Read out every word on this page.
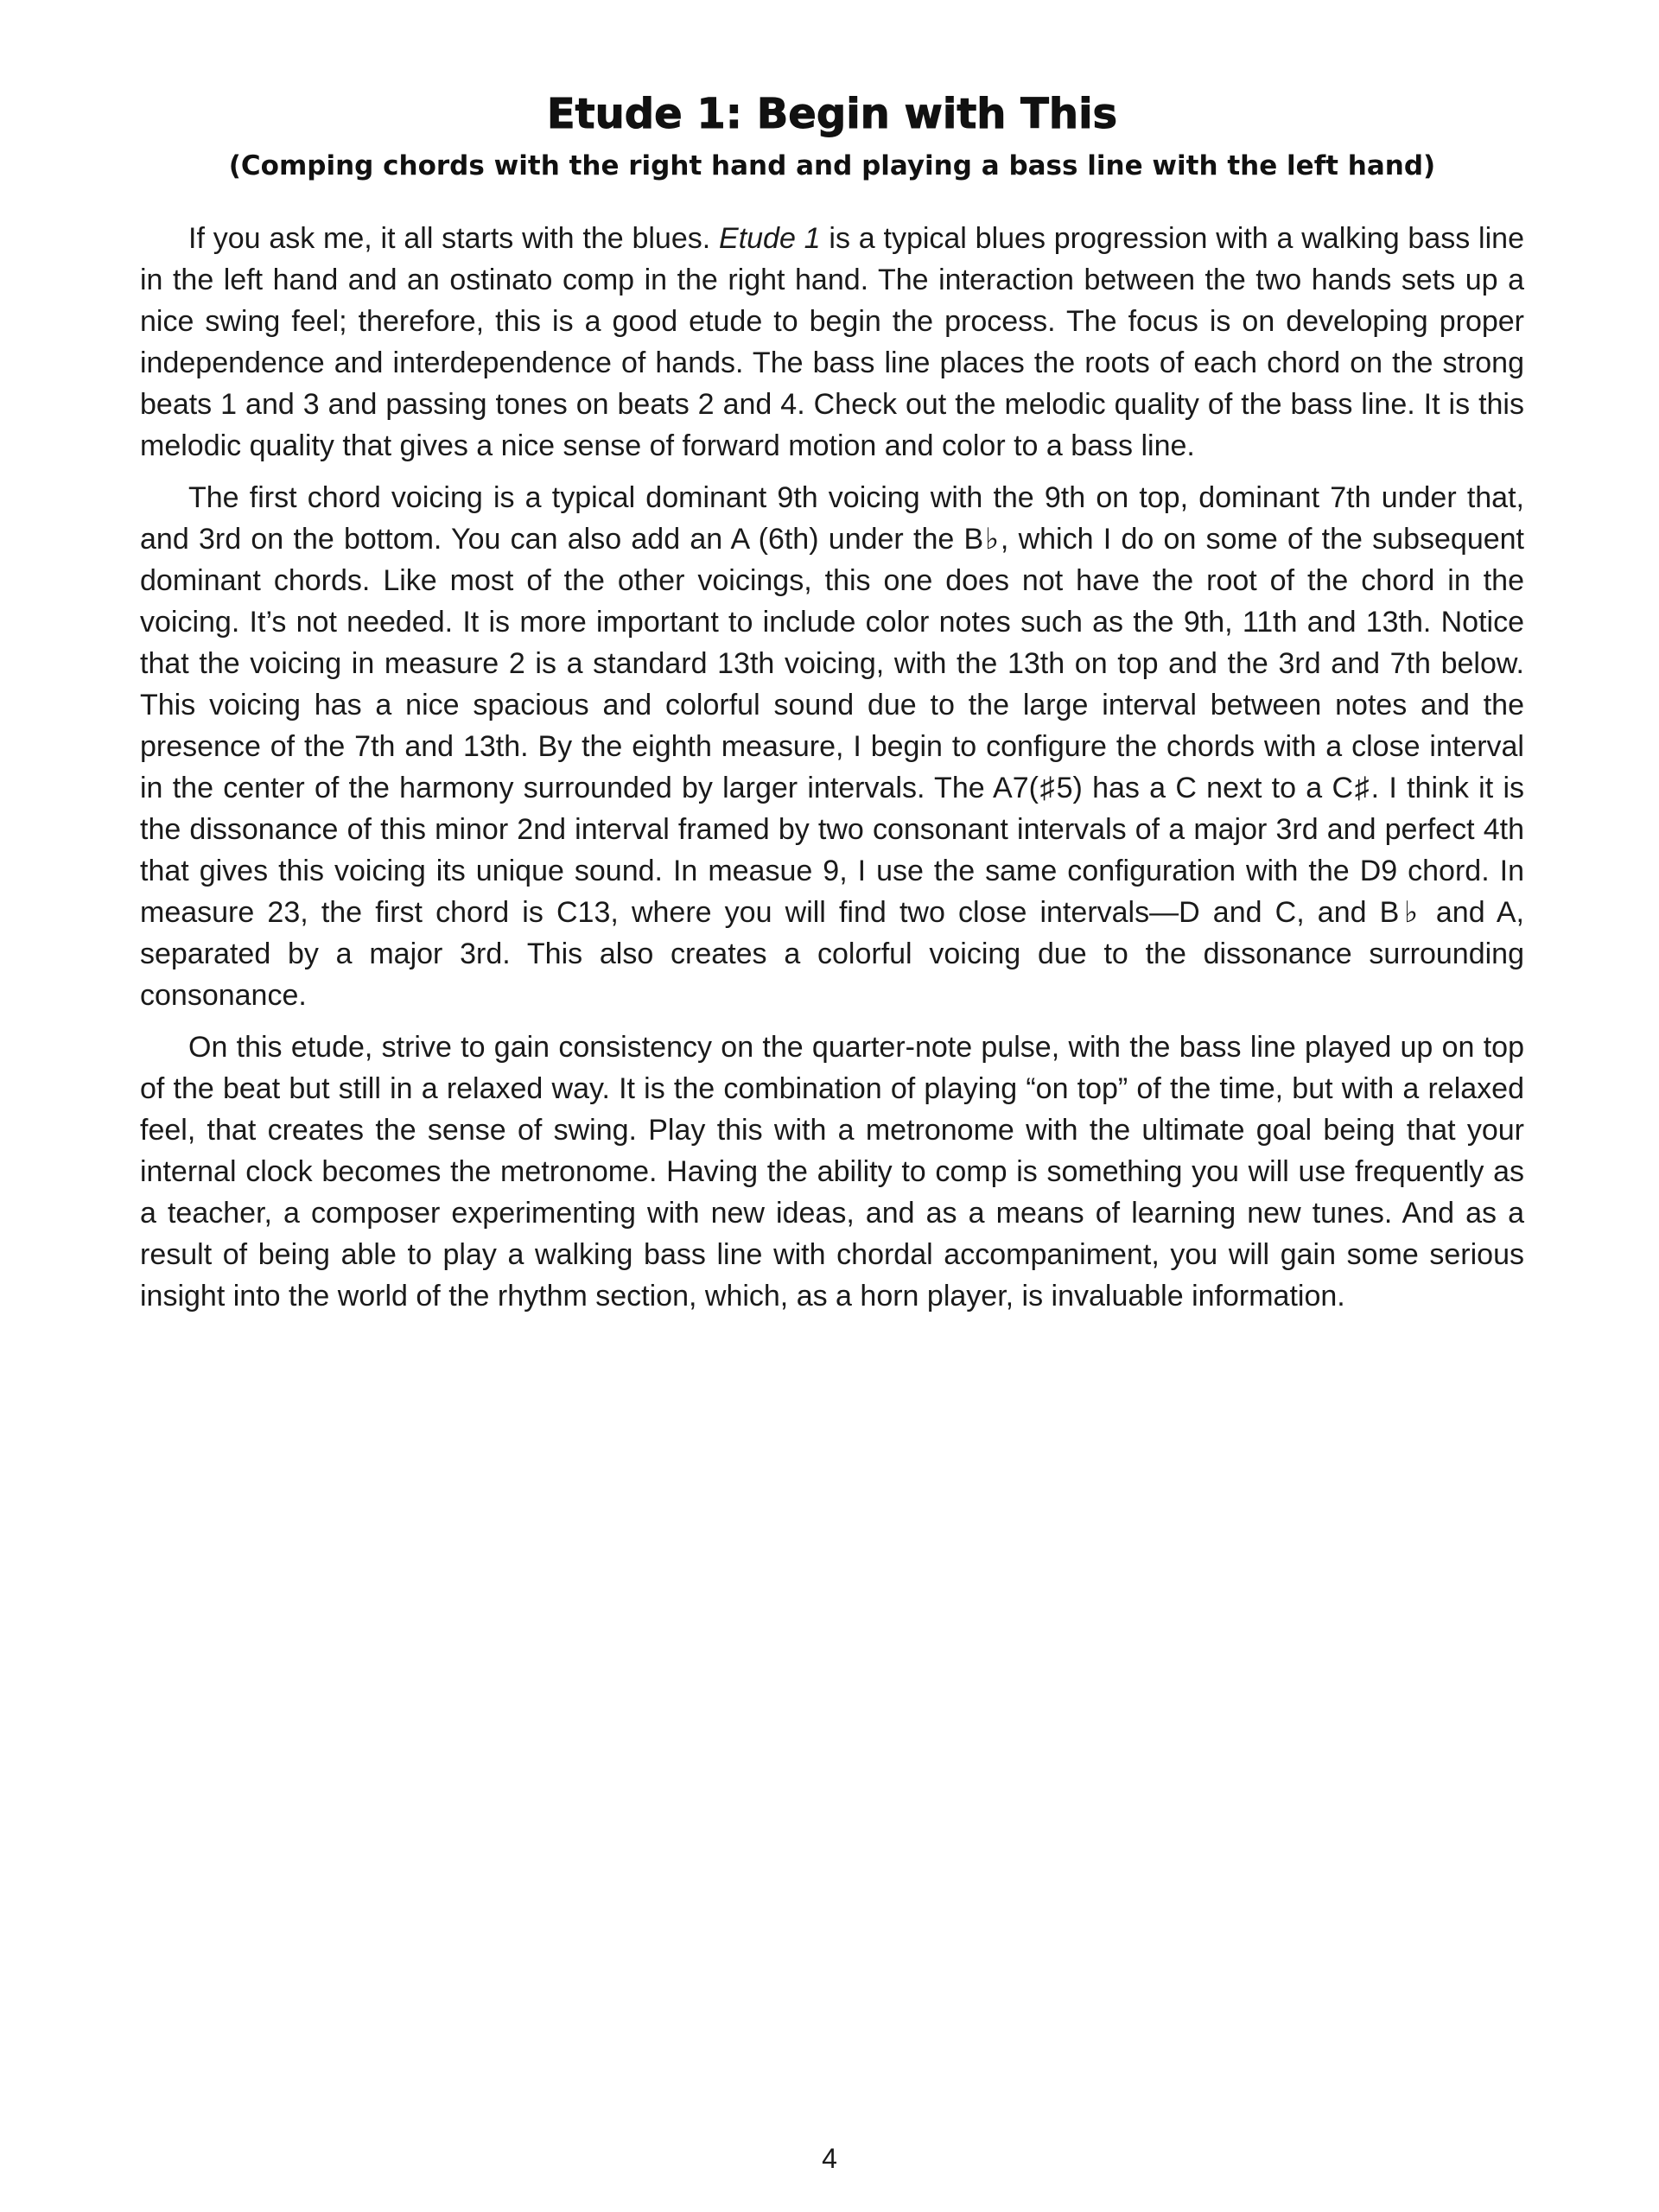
Etude 1: Begin with This
(Comping chords with the right hand and playing a bass line with the left hand)

If you ask me, it all starts with the blues. Etude 1 is a typical blues progression with a walking bass line in the left hand and an ostinato comp in the right hand. The interaction between the two hands sets up a nice swing feel; therefore, this is a good etude to begin the process. The focus is on developing proper independence and interdependence of hands. The bass line places the roots of each chord on the strong beats 1 and 3 and passing tones on beats 2 and 4. Check out the melodic quality of the bass line. It is this melodic quality that gives a nice sense of forward motion and color to a bass line.

The first chord voicing is a typical dominant 9th voicing with the 9th on top, dominant 7th under that, and 3rd on the bottom. You can also add an A (6th) under the B♭, which I do on some of the subsequent dominant chords. Like most of the other voicings, this one does not have the root of the chord in the voicing. It’s not needed. It is more important to include color notes such as the 9th, 11th and 13th. Notice that the voicing in measure 2 is a standard 13th voicing, with the 13th on top and the 3rd and 7th below. This voicing has a nice spacious and colorful sound due to the large interval between notes and the presence of the 7th and 13th. By the eighth measure, I begin to configure the chords with a close interval in the center of the harmony surrounded by larger intervals. The A7(♯5) has a C next to a C♯. I think it is the dissonance of this minor 2nd interval framed by two consonant intervals of a major 3rd and perfect 4th that gives this voicing its unique sound. In measue 9, I use the same configuration with the D9 chord. In measure 23, the first chord is C13, where you will find two close intervals—D and C, and B♭ and A, separated by a major 3rd. This also creates a colorful voicing due to the dissonance surrounding consonance.

On this etude, strive to gain consistency on the quarter-note pulse, with the bass line played up on top of the beat but still in a relaxed way. It is the combination of playing “on top” of the time, but with a relaxed feel, that creates the sense of swing. Play this with a metronome with the ultimate goal being that your internal clock becomes the metronome. Having the ability to comp is something you will use frequently as a teacher, a composer experimenting with new ideas, and as a means of learning new tunes. And as a result of being able to play a walking bass line with chordal accompaniment, you will gain some serious insight into the world of the rhythm section, which, as a horn player, is invaluable information.

4
